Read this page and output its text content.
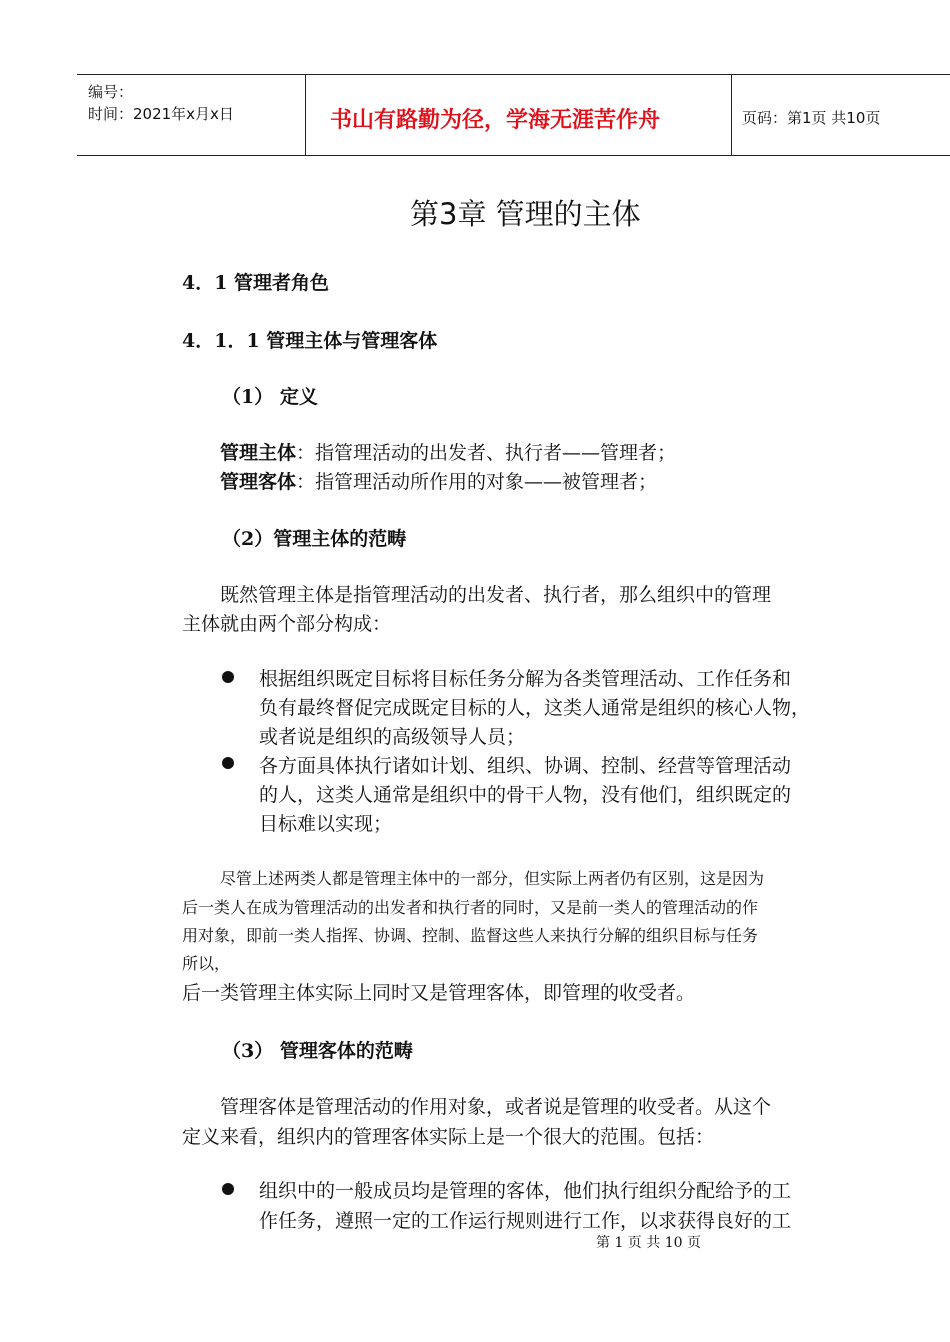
编号：
时间：2021年x月x日	书山有路勤为径，学海无涯苦作舟	页码：第1页 共10页
第3章 管理的主体
4．1 管理者角色
4．1．1 管理主体与管理客体
（1） 定义
管理主体：指管理活动的出发者、执行者——管理者；
管理客体：指管理活动所作用的对象——被管理者；
（2）管理主体的范畴
既然管理主体是指管理活动的出发者、执行者，那么组织中的管理
主体就由两个部分构成：
根据组织既定目标将目标任务分解为各类管理活动、工作任务和
负有最终督促完成既定目标的人，这类人通常是组织的核心人物，
或者说是组织的高级领导人员；
各方面具体执行诸如计划、组织、协调、控制、经营等管理活动
的人，这类人通常是组织中的骨干人物，没有他们，组织既定的
目标难以实现；
尽管上述两类人都是管理主体中的一部分，但实际上两者仍有区别，这是因为
后一类人在成为管理活动的出发者和执行者的同时，又是前一类人的管理活动的作
用对象，即前一类人指挥、协调、控制、监督这些人来执行分解的组织目标与任务
所以，
后一类管理主体实际上同时又是管理客体，即管理的收受者。
（3） 管理客体的范畴
管理客体是管理活动的作用对象，或者说是管理的收受者。从这个
定义来看，组织内的管理客体实际上是一个很大的范围。包括：
组织中的一般成员均是管理的客体，他们执行组织分配给予的工
作任务，遵照一定的工作运行规则进行工作，以求获得良好的工
第 1 页 共 10 页
